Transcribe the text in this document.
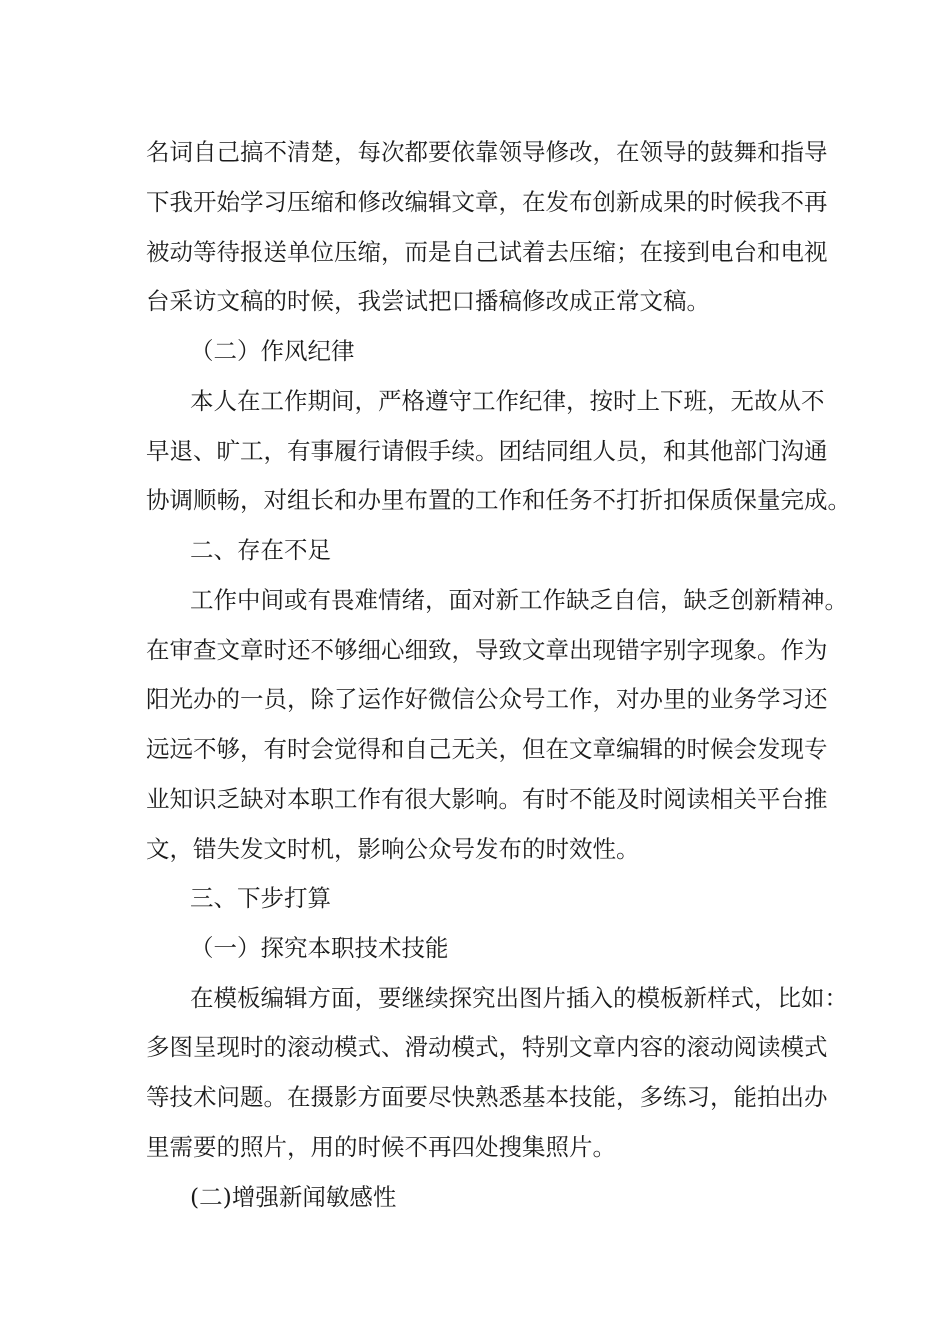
名词自己搞不清楚，每次都要依靠领导修改，在领导的鼓舞和指导
下我开始学习压缩和修改编辑文章，在发布创新成果的时候我不再
被动等待报送单位压缩，而是自己试着去压缩；在接到电台和电视
台采访文稿的时候，我尝试把口播稿修改成正常文稿。
（二）作风纪律
本人在工作期间，严格遵守工作纪律，按时上下班，无故从不
早退、旷工，有事履行请假手续。团结同组人员，和其他部门沟通
协调顺畅，对组长和办里布置的工作和任务不打折扣保质保量完成。
二、存在不足
工作中间或有畏难情绪，面对新工作缺乏自信，缺乏创新精神。
在审查文章时还不够细心细致，导致文章出现错字别字现象。作为
阳光办的一员，除了运作好微信公众号工作，对办里的业务学习还
远远不够，有时会觉得和自己无关，但在文章编辑的时候会发现专
业知识乏缺对本职工作有很大影响。有时不能及时阅读相关平台推
文，错失发文时机，影响公众号发布的时效性。
三、下步打算
（一）探究本职技术技能
在模板编辑方面，要继续探究出图片插入的模板新样式，比如：
多图呈现时的滚动模式、滑动模式，特别文章内容的滚动阅读模式
等技术问题。在摄影方面要尽快熟悉基本技能，多练习，能拍出办
里需要的照片，用的时候不再四处搜集照片。
(二)增强新闻敏感性
